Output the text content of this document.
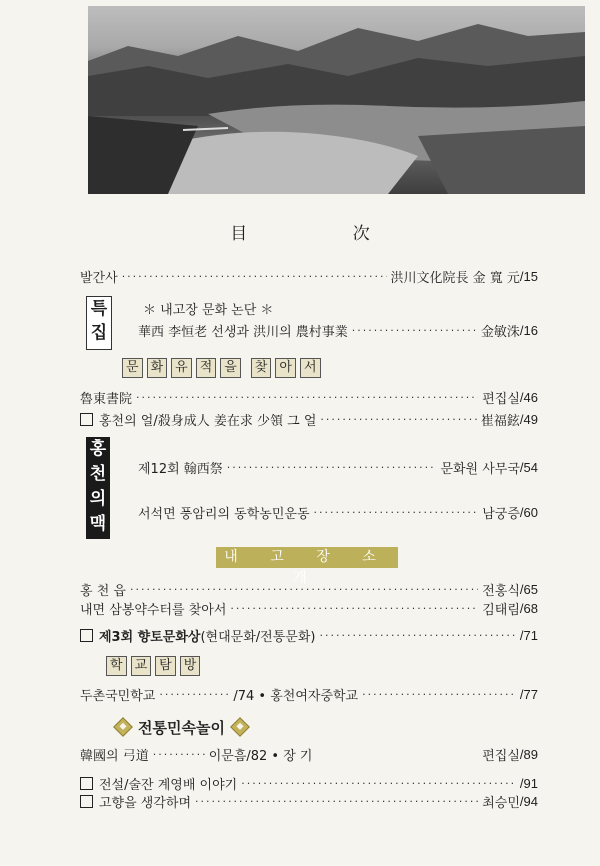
目 次
발간사 ·····	洪川文化院長 金 寬 元 /15
특
집
＊ 내고장 문화 논단 ＊
華西 李恒老 선생과 洪川의 農村事業 ·····	金敏洙 /16
문 화 유 적 을	찾 아 서
魯東書院 ·····	편집실 /46
홍천의 얼/殺身成人 姜在求 少領 그 얼 ·····	崔福鉉 /49
홍
천
의
맥
제12회 翰西祭 ·····	문화원 사무국 /54
서석면 풍암리의 동학농민운동 ·····	남궁증 /60
내 고 장 소 개
홍 천 읍 ·····	전홍식 /65
내면 삼봉약수터를 찾아서 ·····	김태림 /68
제3회 향토문화상 (현대문화/전통문화) ·····	/71
학 교 탐 방
두촌국민학교 ·····	/74 • 홍천여자중학교 ·····	/77
전통민속놀이
韓國의 弓道 ·····	이문흠/82 • 장 기	편집실 /89
전설/술잔 계영배 이야기 ·····	/91
고향을 생각하며 ·····	최승민 /94
